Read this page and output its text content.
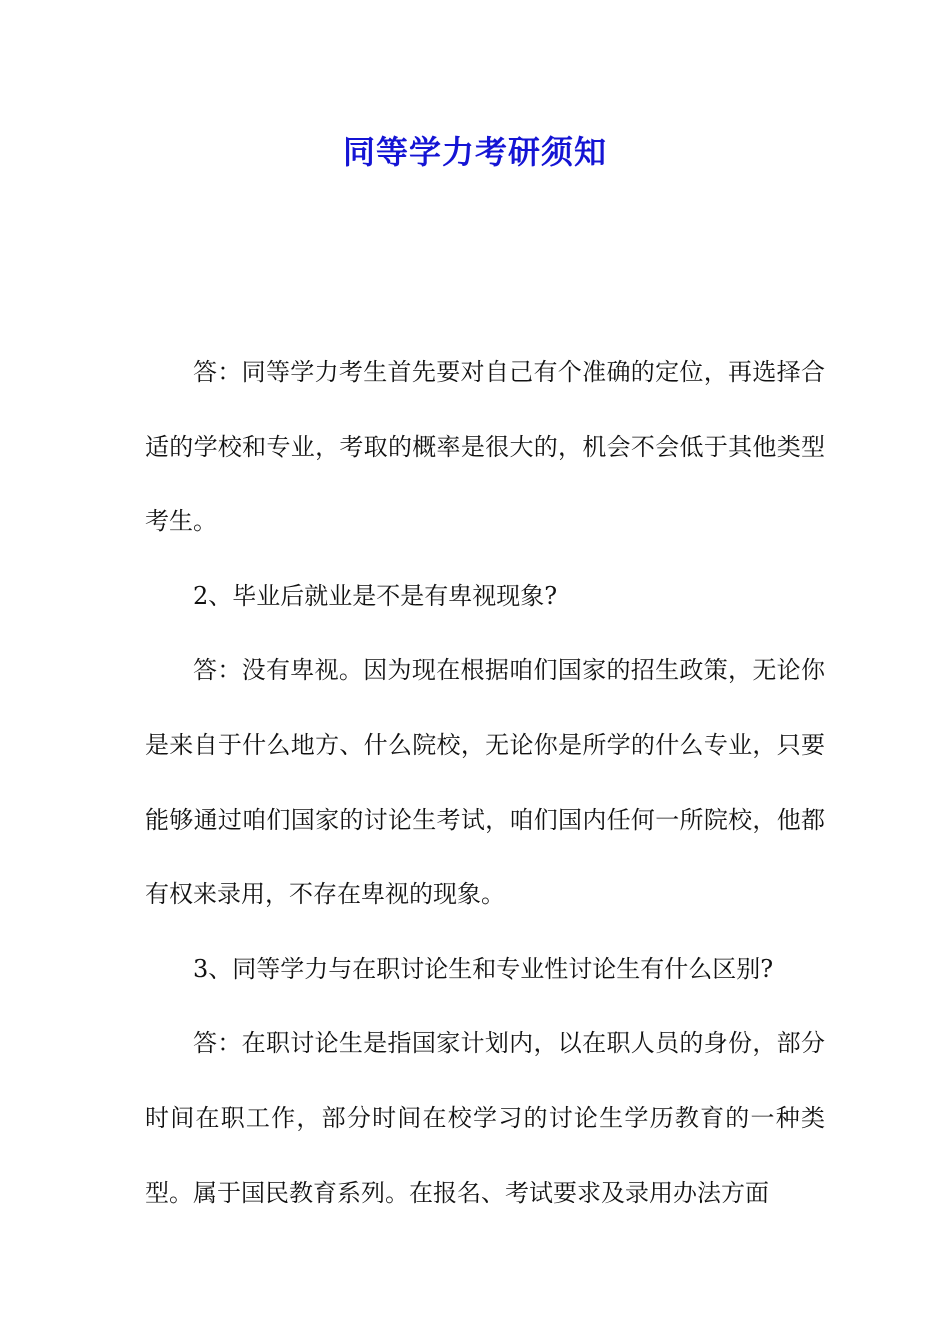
同等学力考研须知

答：同等学力考生首先要对自己有个准确的定位，再选择合适的学校和专业，考取的概率是很大的，机会不会低于其他类型考生。

2、毕业后就业是不是有卑视现象?

答：没有卑视。因为现在根据咱们国家的招生政策，无论你是来自于什么地方、什么院校，无论你是所学的什么专业，只要能够通过咱们国家的讨论生考试，咱们国内任何一所院校，他都有权来录用，不存在卑视的现象。

3、同等学力与在职讨论生和专业性讨论生有什么区别?

答：在职讨论生是指国家计划内，以在职人员的身份，部分时间在职工作，部分时间在校学习的讨论生学历教育的一种类型。属于国民教育系列。在报名、考试要求及录用办法方面
